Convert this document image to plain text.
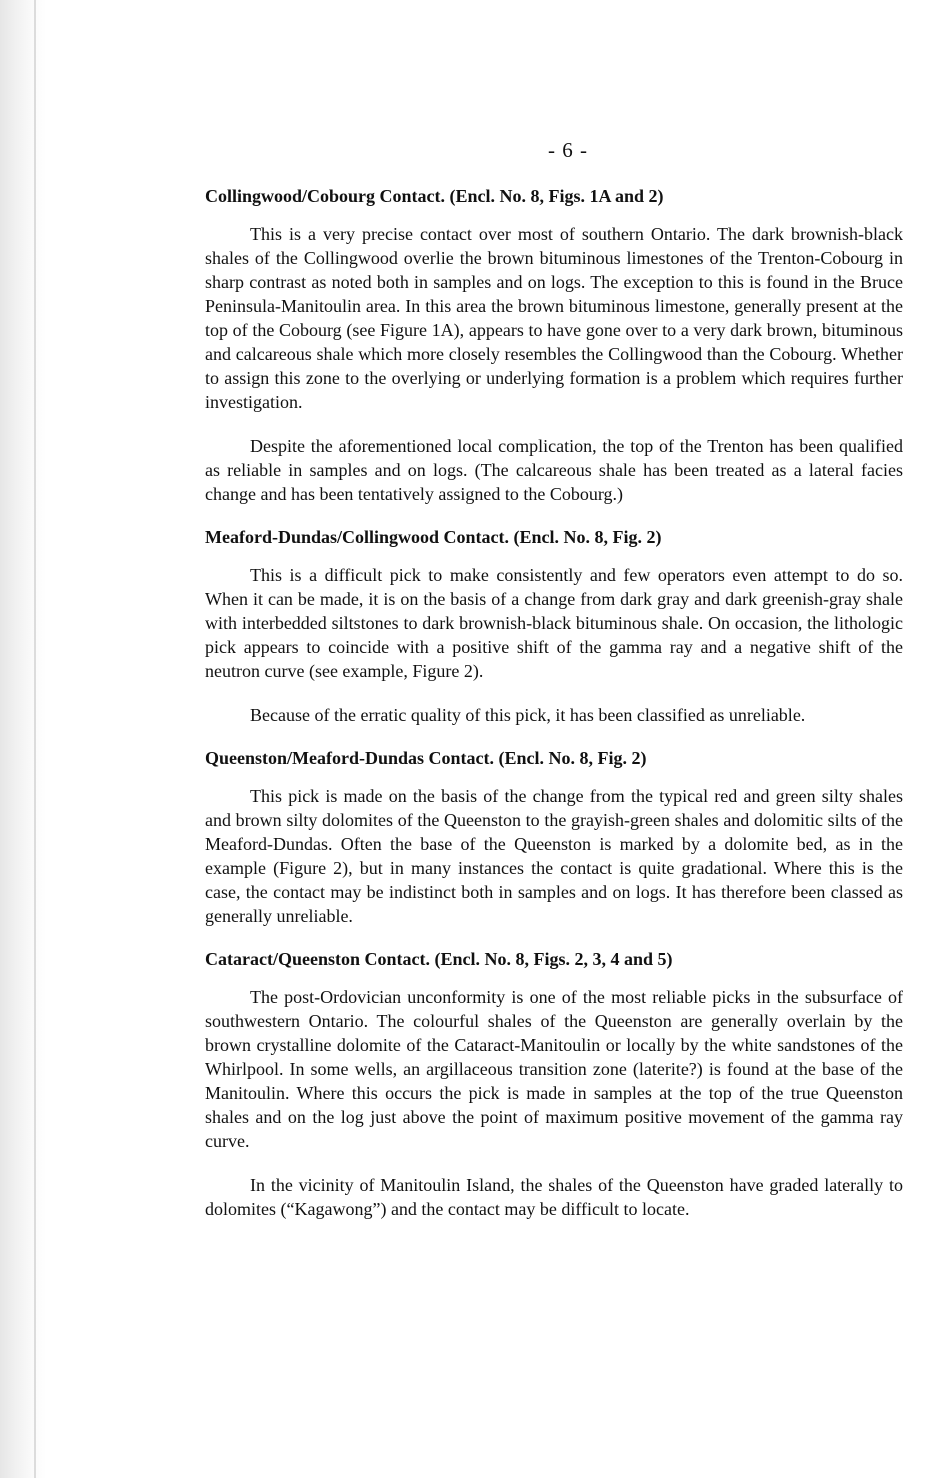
- 6 -
Collingwood/Cobourg Contact. (Encl. No. 8, Figs. 1A and 2)

This is a very precise contact over most of southern Ontario. The dark brownish-black shales of the Collingwood overlie the brown bituminous limestones of the Trenton-Cobourg in sharp contrast as noted both in samples and on logs. The exception to this is found in the Bruce Peninsula-Manitoulin area. In this area the brown bituminous limestone, generally present at the top of the Cobourg (see Figure 1A), appears to have gone over to a very dark brown, bituminous and calcareous shale which more closely resembles the Collingwood than the Cobourg. Whether to assign this zone to the overlying or underlying formation is a problem which requires further investigation.

Despite the aforementioned local complication, the top of the Trenton has been qualified as reliable in samples and on logs. (The calcareous shale has been treated as a lateral facies change and has been tentatively assigned to the Cobourg.)

Meaford-Dundas/Collingwood Contact. (Encl. No. 8, Fig. 2)

This is a difficult pick to make consistently and few operators even attempt to do so. When it can be made, it is on the basis of a change from dark gray and dark greenish-gray shale with interbedded siltstones to dark brownish-black bituminous shale. On occasion, the lithologic pick appears to coincide with a positive shift of the gamma ray and a negative shift of the neutron curve (see example, Figure 2).

Because of the erratic quality of this pick, it has been classified as unreliable.

Queenston/Meaford-Dundas Contact. (Encl. No. 8, Fig. 2)

This pick is made on the basis of the change from the typical red and green silty shales and brown silty dolomites of the Queenston to the grayish-green shales and dolomitic silts of the Meaford-Dundas. Often the base of the Queenston is marked by a dolomite bed, as in the example (Figure 2), but in many instances the contact is quite gradational. Where this is the case, the contact may be indistinct both in samples and on logs. It has therefore been classed as generally unreliable.

Cataract/Queenston Contact. (Encl. No. 8, Figs. 2, 3, 4 and 5)

The post-Ordovician unconformity is one of the most reliable picks in the subsurface of southwestern Ontario. The colourful shales of the Queenston are generally overlain by the brown crystalline dolomite of the Cataract-Manitoulin or locally by the white sandstones of the Whirlpool. In some wells, an argillaceous transition zone (laterite?) is found at the base of the Manitoulin. Where this occurs the pick is made in samples at the top of the true Queenston shales and on the log just above the point of maximum positive movement of the gamma ray curve.

In the vicinity of Manitoulin Island, the shales of the Queenston have graded laterally to dolomites (“Kagawong”) and the contact may be difficult to locate.
